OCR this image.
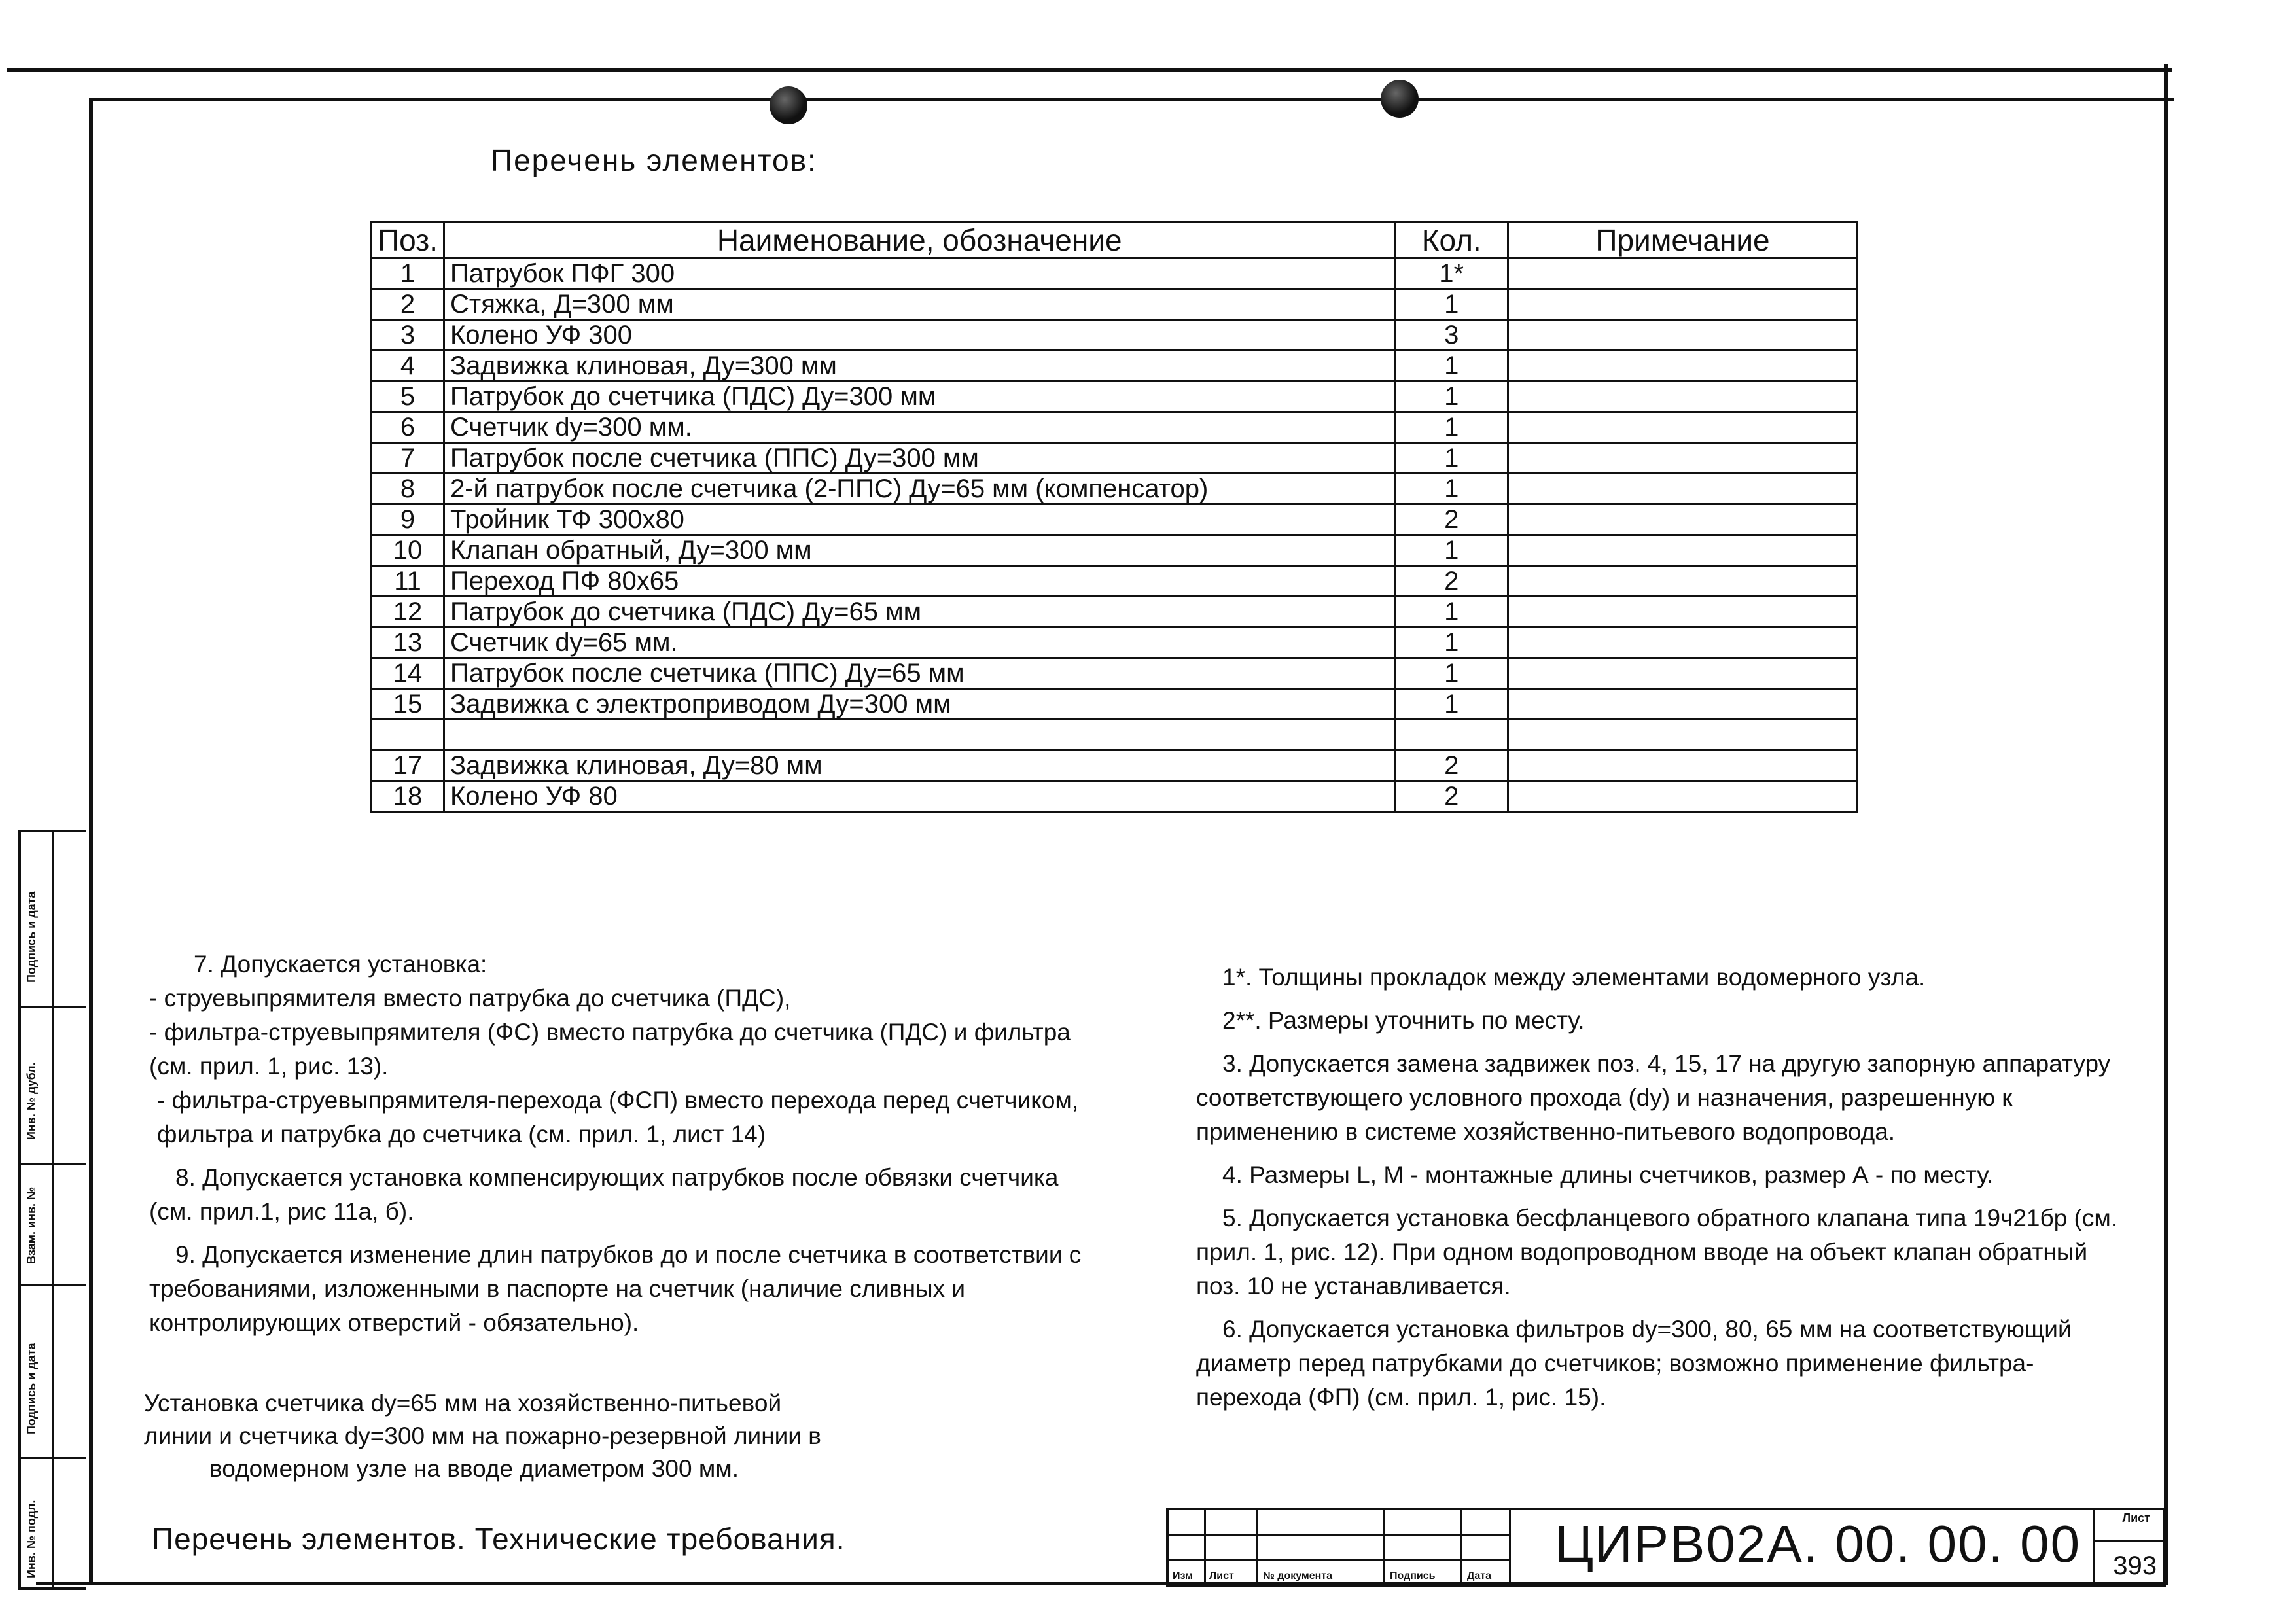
Перечень элементов:
Поз.	Наименование, обозначение	Кол.	Примечание
1	Патрубок ПФГ 300	1*	
2	Стяжка, Д=300 мм	1	
3	Колено УФ 300	3	
4	Задвижка клиновая, Ду=300 мм	1	
5	Патрубок до счетчика (ПДС) Ду=300 мм	1	
6	Счетчик dy=300 мм.	1	
7	Патрубок после счетчика (ППС) Ду=300 мм	1	
8	2-й патрубок после счетчика (2-ППС) Ду=65 мм (компенсатор)	1	
9	Тройник ТФ 300х80	2	
10	Клапан обратный, Ду=300 мм	1	
11	Переход ПФ 80х65	2	
12	Патрубок до счетчика (ПДС) Ду=65 мм	1	
13	Счетчик dy=65 мм.	1	
14	Патрубок после счетчика (ППС) Ду=65 мм	1	
15	Задвижка с электроприводом Ду=300 мм	1	

17	Задвижка клиновая, Ду=80 мм	2	
18	Колено УФ 80	2	
7. Допускается установка:
- струевыпрямителя вместо патрубка до счетчика (ПДС),
- фильтра-струевыпрямителя (ФС) вместо патрубка до счетчика (ПДС) и фильтра (см. прил. 1, рис. 13).
- фильтра-струевыпрямителя-перехода (ФСП) вместо перехода перед счетчиком, фильтра и патрубка до счетчика (см. прил. 1, лист 14)
8. Допускается установка компенсирующих патрубков после обвязки счетчика (см. прил.1, рис 11а, б).
9. Допускается изменение длин патрубков до и после счетчика в соответствии с требованиями, изложенными в паспорте на счетчик (наличие сливных и контролирующих отверстий - обязательно).
1*. Толщины прокладок между элементами водомерного узла.
2**. Размеры уточнить по месту.
3. Допускается замена задвижек поз. 4, 15, 17 на другую запорную аппаратуру соответствующего условного прохода (dy) и назначения, разрешенную к применению в системе хозяйственно-питьевого водопровода.
4. Размеры L, M - монтажные длины счетчиков, размер А - по месту.
5. Допускается установка бесфланцевого обратного клапана типа 19ч21бр (см. прил. 1, рис. 12). При одном водопроводном вводе на объект клапан обратный поз. 10 не устанавливается.
6. Допускается установка фильтров dy=300, 80, 65 мм на соответствующий диаметр перед патрубками до счетчиков; возможно применение фильтра-перехода (ФП) (см. прил. 1, рис. 15).
Установка счетчика dy=65 мм на хозяйственно-питьевой
линии и счетчика dy=300 мм на пожарно-резервной линии в
водомерном узле на вводе диаметром 300 мм.
Перечень элементов. Технические требования.
Подпись и дата
Инв. № дубл.
Взам. инв. №
Подпись и дата
Инв. № подл.	Изм Лист	№ документа	Подпись	Дата
ЦИРВ02А. 00. 00. 00	Лист
393
